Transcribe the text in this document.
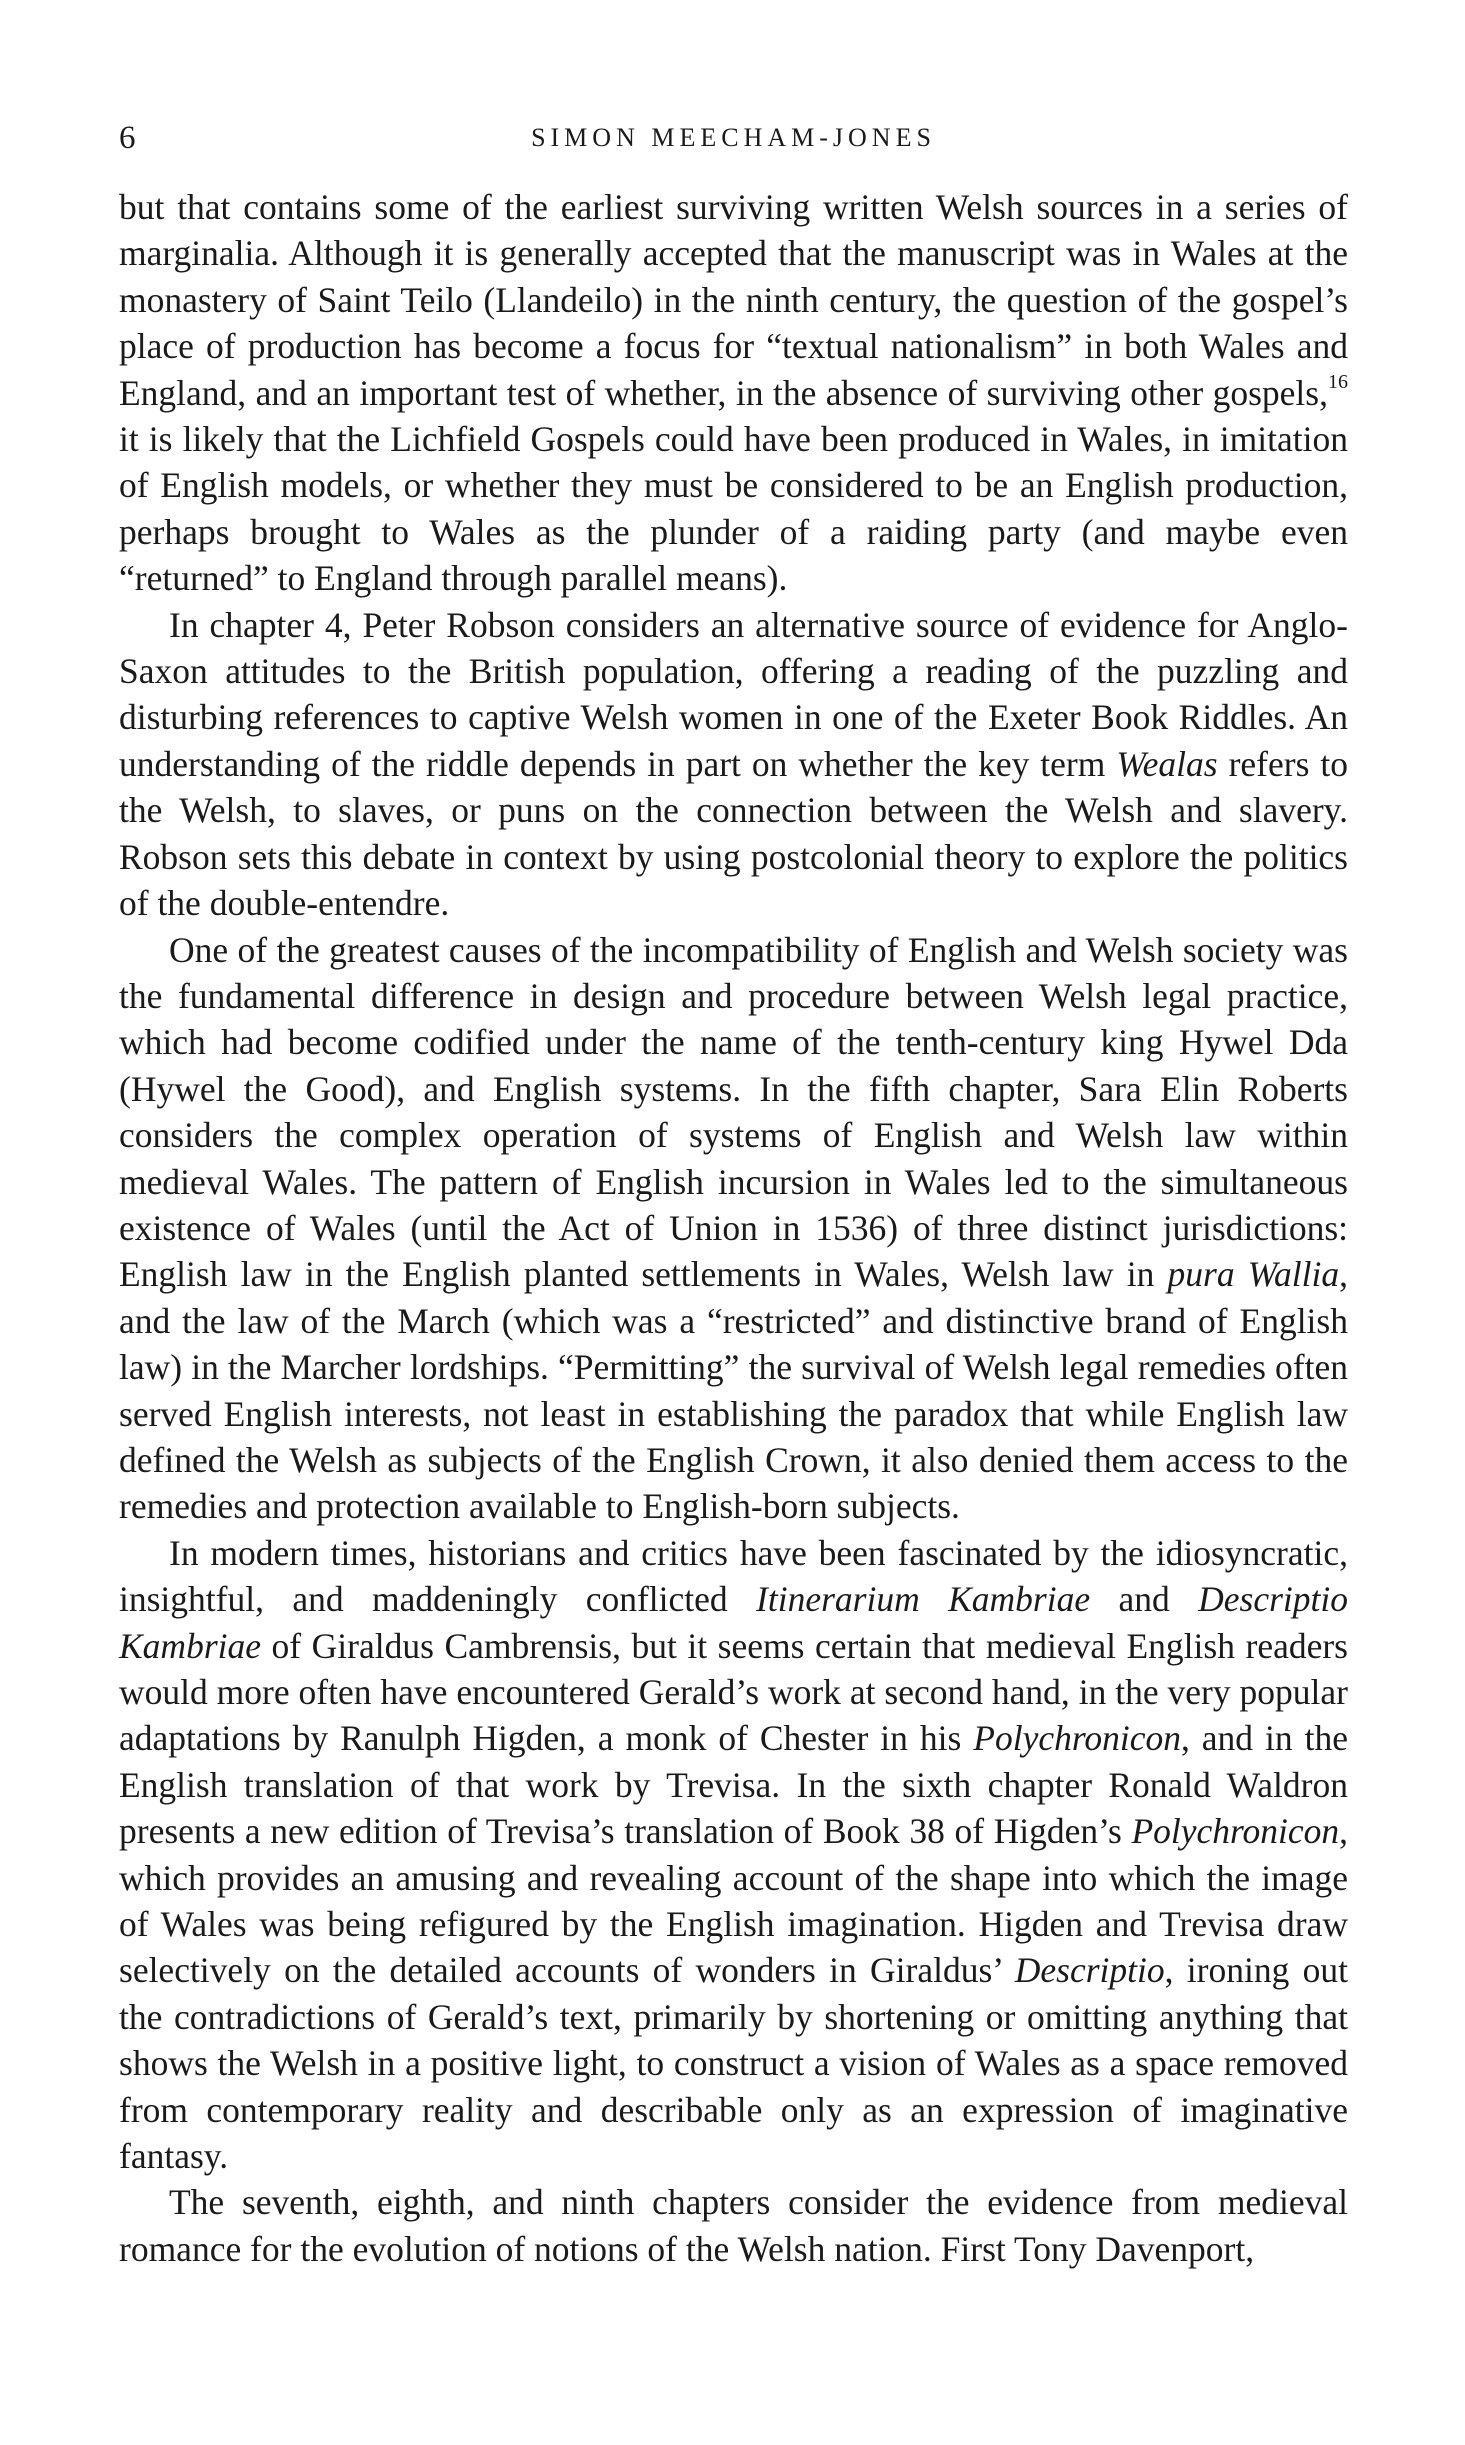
6	SIMON MEECHAM-JONES

but that contains some of the earliest surviving written Welsh sources in a series of marginalia. Although it is generally accepted that the manuscript was in Wales at the monastery of Saint Teilo (Llandeilo) in the ninth century, the question of the gospel’s place of production has become a focus for “textual nationalism” in both Wales and England, and an important test of whether, in the absence of surviving other gospels,$^{16}$ it is likely that the Lichfield Gospels could have been produced in Wales, in imitation of English models, or whether they must be considered to be an English production, perhaps brought to Wales as the plunder of a raiding party (and maybe even “returned” to England through parallel means).

In chapter 4, Peter Robson considers an alternative source of evidence for Anglo-Saxon attitudes to the British population, offering a reading of the puzzling and disturbing references to captive Welsh women in one of the Exeter Book Riddles. An understanding of the riddle depends in part on whether the key term Wealas refers to the Welsh, to slaves, or puns on the connection between the Welsh and slavery. Robson sets this debate in context by using postcolonial theory to explore the politics of the double-entendre.

One of the greatest causes of the incompatibility of English and Welsh society was the fundamental difference in design and procedure between Welsh legal practice, which had become codified under the name of the tenth-century king Hywel Dda (Hywel the Good), and English systems. In the fifth chapter, Sara Elin Roberts considers the complex operation of systems of English and Welsh law within medieval Wales. The pattern of English incursion in Wales led to the simultaneous existence of Wales (until the Act of Union in 1536) of three distinct jurisdictions: English law in the English planted settlements in Wales, Welsh law in pura Wallia, and the law of the March (which was a “restricted” and distinctive brand of English law) in the Marcher lordships. “Permitting” the survival of Welsh legal remedies often served English interests, not least in establishing the paradox that while English law defined the Welsh as subjects of the English Crown, it also denied them access to the remedies and protection available to English-born subjects.

In modern times, historians and critics have been fascinated by the idiosyncratic, insightful, and maddeningly conflicted Itinerarium Kambriae and Descriptio Kambriae of Giraldus Cambrensis, but it seems certain that medieval English readers would more often have encountered Gerald’s work at second hand, in the very popular adaptations by Ranulph Higden, a monk of Chester in his Polychronicon, and in the English translation of that work by Trevisa. In the sixth chapter Ronald Waldron presents a new edition of Trevisa’s translation of Book 38 of Higden’s Polychronicon, which provides an amusing and revealing account of the shape into which the image of Wales was being refigured by the English imagination. Higden and Trevisa draw selectively on the detailed accounts of wonders in Giraldus’ Descriptio, ironing out the contradictions of Gerald’s text, primarily by shortening or omitting anything that shows the Welsh in a positive light, to construct a vision of Wales as a space removed from contemporary reality and describable only as an expression of imaginative fantasy.

The seventh, eighth, and ninth chapters consider the evidence from medieval romance for the evolution of notions of the Welsh nation. First Tony Davenport,
